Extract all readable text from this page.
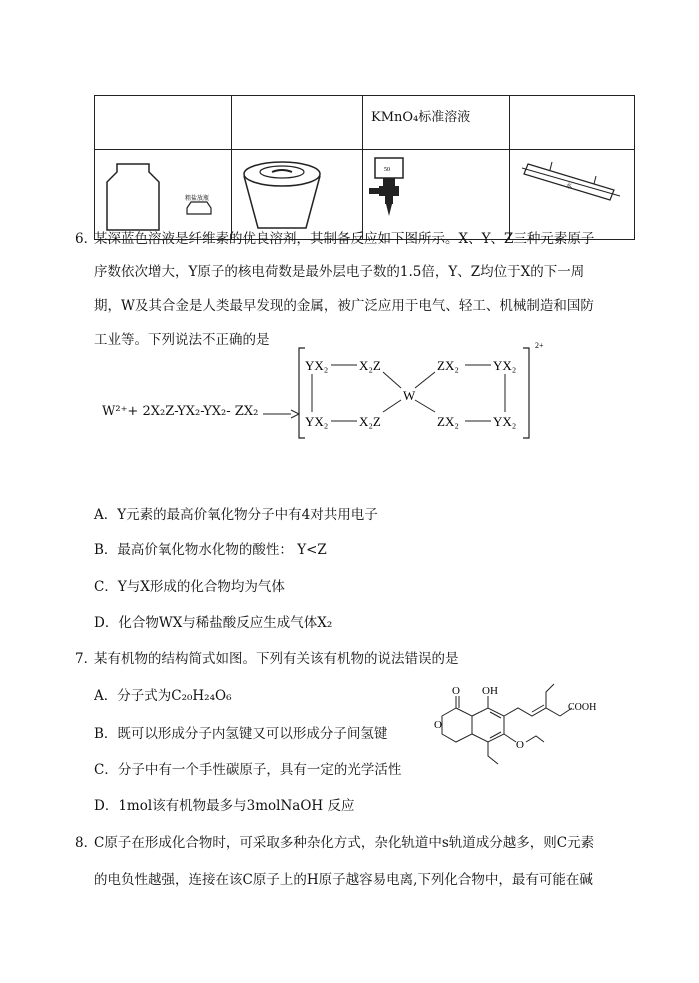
		KMnO₄标准溶液	

粗盐放瓶		50	水
6．
某深蓝色溶液是纤维素的优良溶剂，其制备反应如下图所示。X、Y、Z三种元素原子
序数依次增大，Y原子的核电荷数是最外层电子数的1.5倍，Y、Z均位于X的下一周
期，W及其合金是人类最早发现的金属，被广泛应用于电气、轻工、机械制造和国防
工业等。下列说法不正确的是
W²⁺+ 2X₂Z-YX₂-YX₂- ZX₂
2+
YX₂ X₂Z	ZX₂	YX₂
W
YX₂ X₂Z	ZX₂	YX₂
A．Y元素的最高价氧化物分子中有4对共用电子
B．最高价氧化物水化物的酸性： Y<Z
C．Y与X形成的化合物均为气体
D．化合物WX与稀盐酸反应生成气体X₂
7．
某有机物的结构简式如图。下列有关该有机物的说法错误的是
A．分子式为C₂₀H₂₄O₆
B．既可以形成分子内氢键又可以形成分子间氢键
C．分子中有一个手性碳原子，具有一定的光学活性
D．1mol该有机物最多与3molNaOH 反应
O
O
OH
COOH
O
8．
C原子在形成化合物时，可采取多种杂化方式，杂化轨道中s轨道成分越多，则C元素
的电负性越强，连接在该C原子上的H原子越容易电离,下列化合物中，最有可能在碱
